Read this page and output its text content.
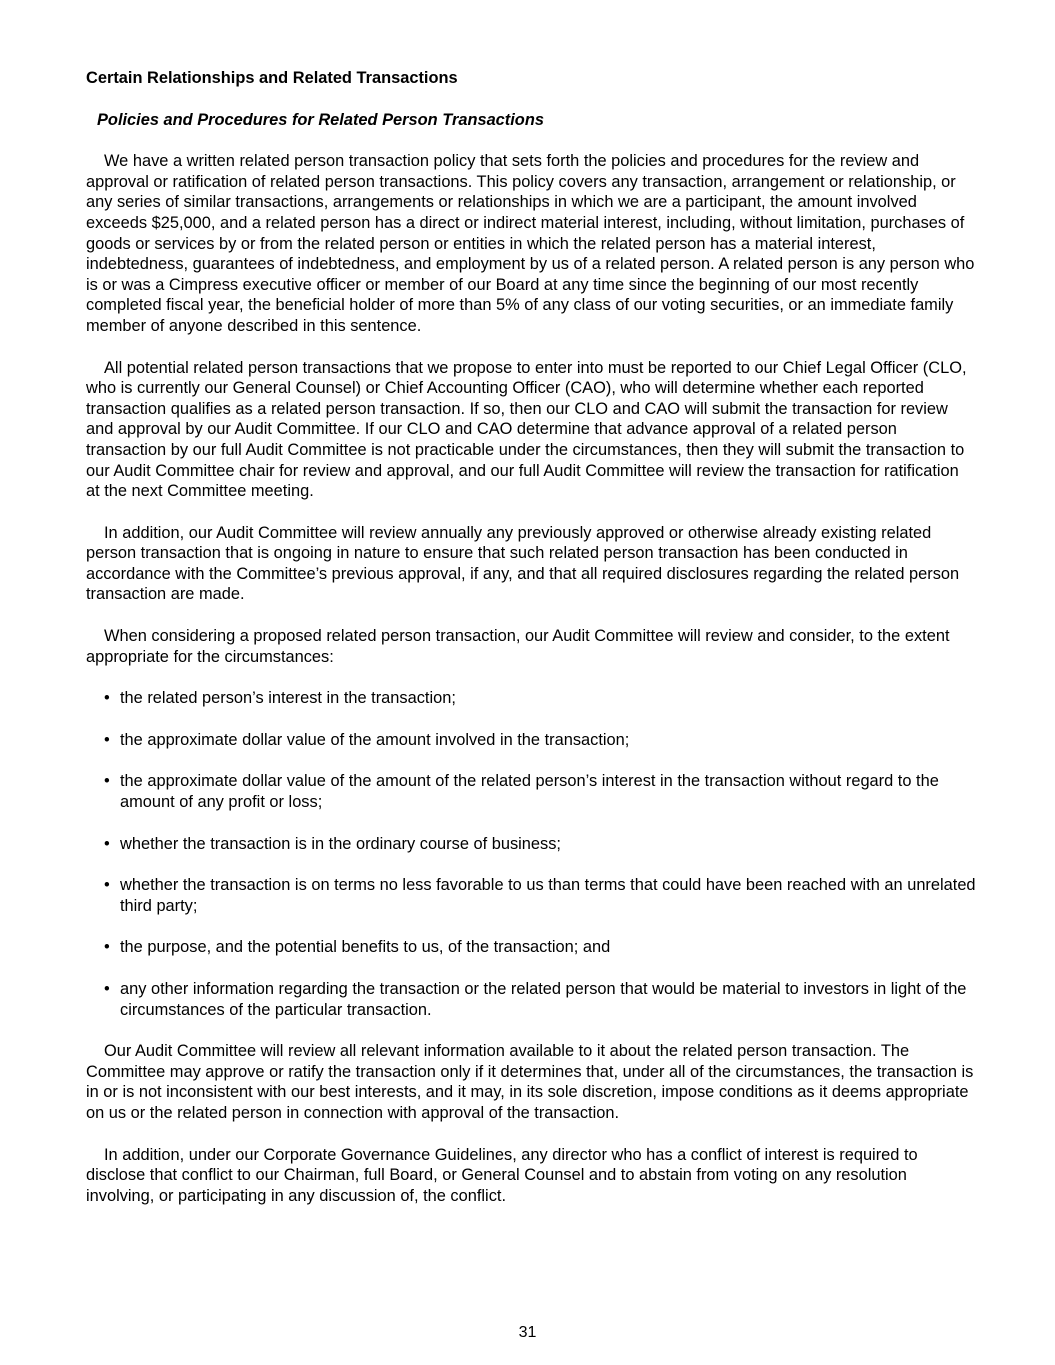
Certain Relationships and Related Transactions
Policies and Procedures for Related Person Transactions

We have a written related person transaction policy that sets forth the policies and procedures for the review and approval or ratification of related person transactions. This policy covers any transaction, arrangement or relationship, or any series of similar transactions, arrangements or relationships in which we are a participant, the amount involved exceeds $25,000, and a related person has a direct or indirect material interest, including, without limitation, purchases of goods or services by or from the related person or entities in which the related person has a material interest, indebtedness, guarantees of indebtedness, and employment by us of a related person. A related person is any person who is or was a Cimpress executive officer or member of our Board at any time since the beginning of our most recently completed fiscal year, the beneficial holder of more than 5% of any class of our voting securities, or an immediate family member of anyone described in this sentence.

All potential related person transactions that we propose to enter into must be reported to our Chief Legal Officer (CLO, who is currently our General Counsel) or Chief Accounting Officer (CAO), who will determine whether each reported transaction qualifies as a related person transaction. If so, then our CLO and CAO will submit the transaction for review and approval by our Audit Committee. If our CLO and CAO determine that advance approval of a related person transaction by our full Audit Committee is not practicable under the circumstances, then they will submit the transaction to our Audit Committee chair for review and approval, and our full Audit Committee will review the transaction for ratification at the next Committee meeting.

In addition, our Audit Committee will review annually any previously approved or otherwise already existing related person transaction that is ongoing in nature to ensure that such related person transaction has been conducted in accordance with the Committee’s previous approval, if any, and that all required disclosures regarding the related person transaction are made.

When considering a proposed related person transaction, our Audit Committee will review and consider, to the extent appropriate for the circumstances:

• the related person’s interest in the transaction;
• the approximate dollar value of the amount involved in the transaction;
• the approximate dollar value of the amount of the related person’s interest in the transaction without regard to the amount of any profit or loss;
• whether the transaction is in the ordinary course of business;
• whether the transaction is on terms no less favorable to us than terms that could have been reached with an unrelated third party;
• the purpose, and the potential benefits to us, of the transaction; and
• any other information regarding the transaction or the related person that would be material to investors in light of the circumstances of the particular transaction.

Our Audit Committee will review all relevant information available to it about the related person transaction. The Committee may approve or ratify the transaction only if it determines that, under all of the circumstances, the transaction is in or is not inconsistent with our best interests, and it may, in its sole discretion, impose conditions as it deems appropriate on us or the related person in connection with approval of the transaction.

In addition, under our Corporate Governance Guidelines, any director who has a conflict of interest is required to disclose that conflict to our Chairman, full Board, or General Counsel and to abstain from voting on any resolution involving, or participating in any discussion of, the conflict.

31
